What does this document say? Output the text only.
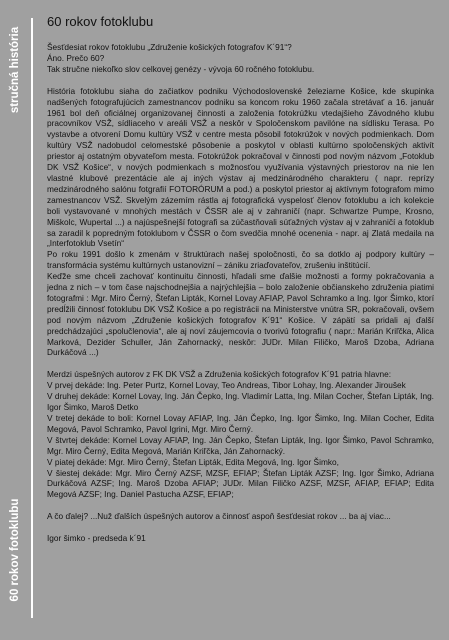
stručná história
60 rokov fotoklubu
60 rokov fotoklubu

Šesťdesiat rokov fotoklubu „Združenie košických fotografov K´91“?

Áno. Prečo 60?

Tak stručne niekoľko slov celkovej genézy - vývoja 60 ročného fotoklubu.

História fotoklubu siaha do začiatkov podniku Východoslovenské železiarne Košice, kde skupinka nadšených fotografujúcich zamestnancov podniku sa koncom roku 1960 začala stretávať a 16. január 1961 bol deň oficiálnej organizovanej činnosti a založenia fotokrúžku vtedajšieho Závodného klubu pracovníkov VSŽ, sídliaceho v areáli VSŽ a neskôr v Spoločenskom pavilóne na sídlisku Terasa. Po vystavbe a otvorení Domu kultúry VSŽ v centre mesta pôsobil fotokrúžok v nových podmienkach. Dom kultúry VSŽ nadobudol celomestské pôsobenie a poskytol v oblasti kultúrno spoločenských aktivít priestor aj ostatným obyvateľom mesta. Fotokrúžok pokračoval v činnosti pod novým názvom „Fotoklub DK VSŽ Košice“, v nových podmienkach s možnosťou využívania výstavných priestorov na nie len vlastné klubové prezentácie ale aj iných výstav aj medzinárodného charakteru ( napr. reprízy medzinárodného salónu fotgrafií FOTORÓRUM a pod.) a poskytol priestor aj aktívnym fotografom mimo zamestnancov VSŽ. Skvelým zázemím rástla aj fotografická vyspelosť členov fotoklubu a ich kolekcie boli vystavované v mnohých mestách v ČSSR ale aj v zahraničí (napr. Schwartze Pumpe, Krosno, Miškolc, Wupertal ...) a najúspešnejší fotografi sa zúčastňovali súťažných výstav aj v zahraničí a fotoklub sa zaradil k popredným fotoklubom v ČSSR o čom svedčia mnohé ocenenia - napr. aj Zlatá medaila na „Interfotoklub Vsetín“

Po roku 1991 došlo k zmenám v štruktúrach našej spoločnosti, čo sa dotklo aj podpory kultúry – transformácia systému kultúrnych ustanovizní – zániku zriaďovateľov, zrušeniu inštitúcií.

Keďže sme chceli zachovať kontinuitu činnosti, hľadali sme ďalšie možnosti a formy pokračovania a jedna z nich – v tom čase najschodnejšia a najrýchlejšia – bolo založenie občianskeho združenia piatimi fotografmi : Mgr. Miro Černý, Štefan Lipták, Kornel Lovay AFIAP, Pavol Schramko a Ing. Igor Šimko, ktorí predĺžili činnosť fotoklubu DK VSŽ Košice a po registrácii na Ministerstve vnútra SR, pokračovali, ovšem pod novým názvom „Združenie košických fotografov K´91“ Košice. V zápätí sa pridali aj ďalší predchádzajúci „spolučlenovia“, ale aj noví záujemcovia o tvorivú fotografiu ( napr.: Marián Kriľčka, Alica Marková, Dezider Schuller, Ján Zahornacký, neskôr: JUDr. Milan Filičko, Maroš Dzoba, Adriana Durkáčová ...)

Merdzi úspešných autorov z FK DK VSŽ a Združenia košických fotografov K´91 patria hlavne:

V prvej dekáde: Ing. Peter Purtz, Kornel Lovay, Teo Andreas, Tibor Lohay, Ing. Alexander Jiroušek

V druhej dekáde: Kornel Lovay, Ing. Ján Čepko, Ing. Vladimír Latta, Ing. Milan Cocher, Štefan Lipták, Ing. Igor Šimko, Maroš Detko

V tretej dekáde to boli: Kornel Lovay AFIAP, Ing. Ján Čepko, Ing. Igor Šimko, Ing. Milan Cocher, Edita Megová, Pavol Schramko, Pavol Igrini, Mgr. Miro Černý.

V štvrtej dekáde: Kornel Lovay AFIAP, Ing. Ján Čepko, Štefan Lipták, Ing. Igor Šimko, Pavol Schramko, Mgr. Miro Černý, Edita Megová, Marián Kriľčka, Ján Zahornacký.

V piatej dekáde: Mgr. Miro Černý, Štefan Lipták, Edita Megová, Ing. Igor Šimko,

V šiestej dekáde: Mgr. Miro Černý AZSF, MZSF, EFIAP; Štefan Lipták AZSF; Ing. Igor Šimko, Adriana Durkáčová AZSF; Ing. Maroš Dzoba AFIAP; JUDr. Milan Filičko AZSF, MZSF, AFIAP, EFIAP; Edita Megová AZSF; Ing. Daniel Pastucha AZSF, EFIAP;

A čo ďalej? ...Nuž ďalších úspešných autorov a činnosť aspoň šesťdesiat rokov ... ba aj viac...

Igor šimko - predseda k´91
